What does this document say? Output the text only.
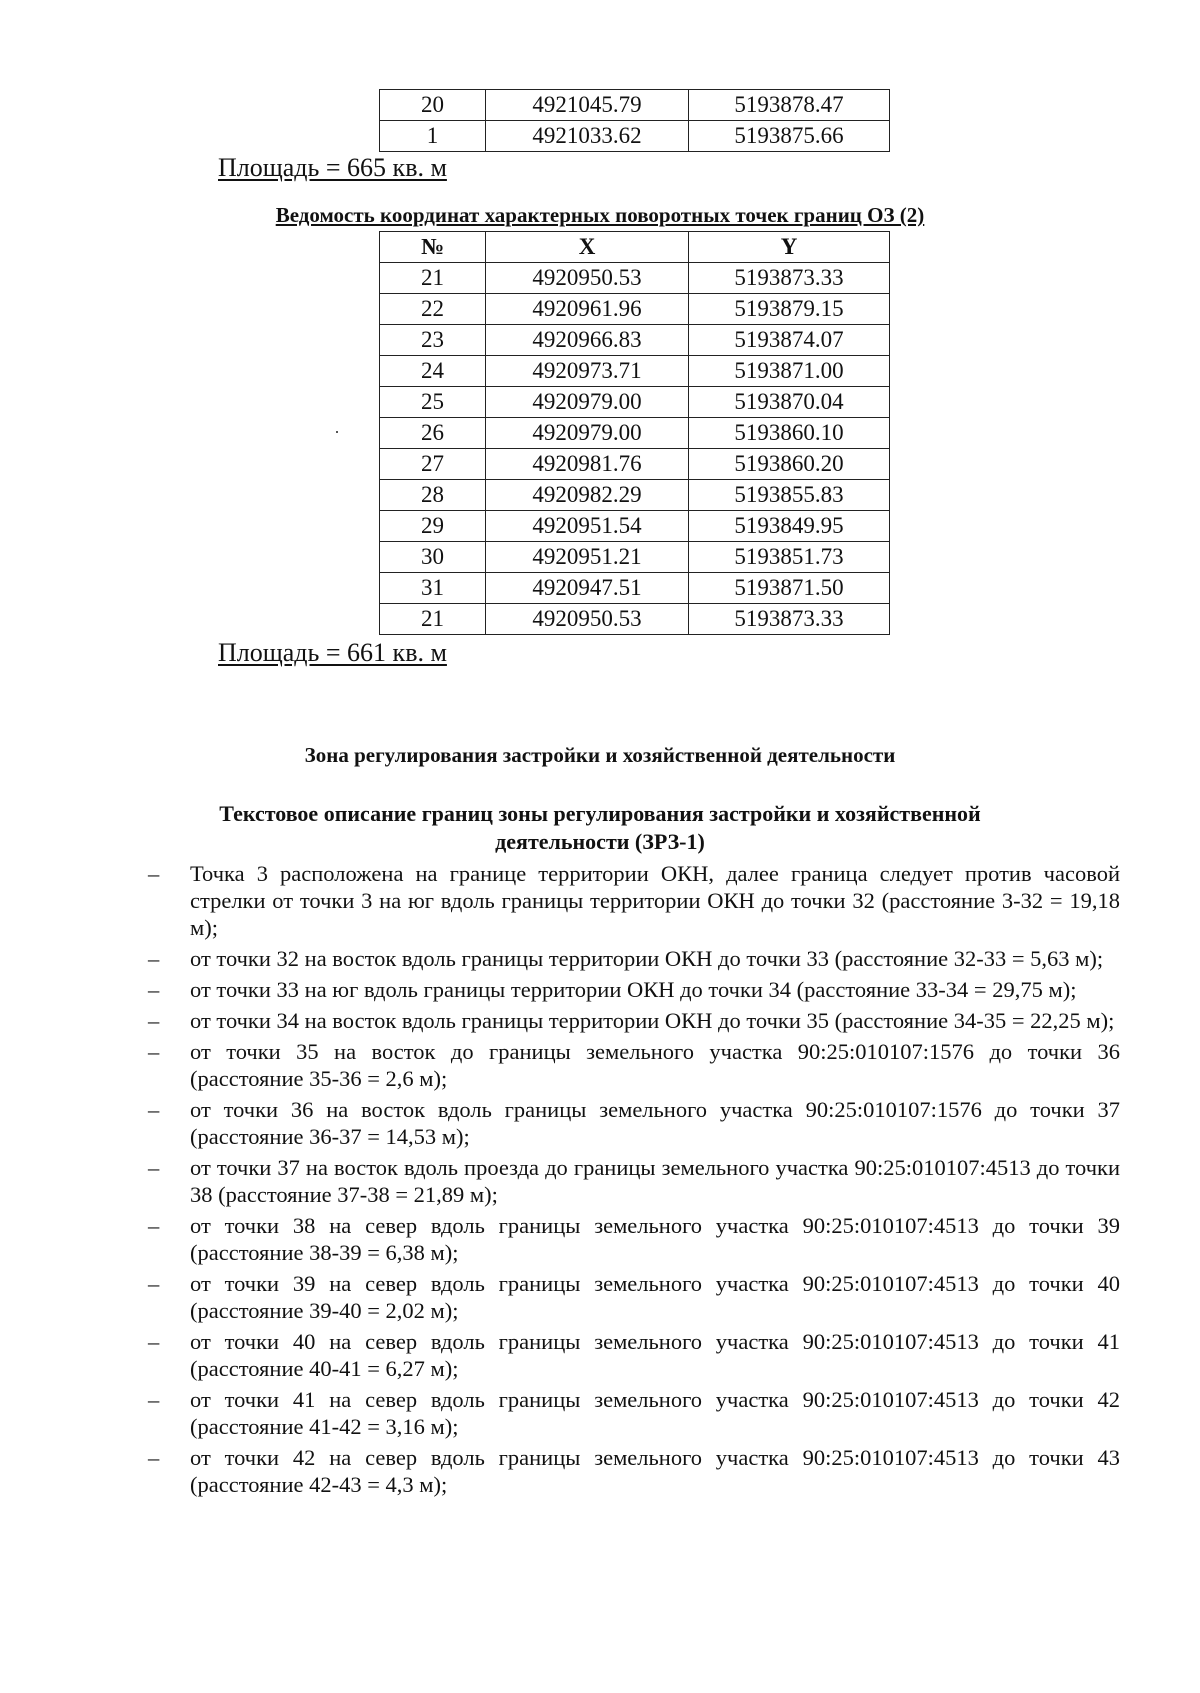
20	4921045.79	5193878.47
1	4921033.62	5193875.66
Площадь = 665 кв. м
Ведомость координат характерных поворотных точек границ ОЗ (2)
№	X	Y
21	4920950.53	5193873.33
22	4920961.96	5193879.15
23	4920966.83	5193874.07
24	4920973.71	5193871.00
25	4920979.00	5193870.04
26	4920979.00	5193860.10
27	4920981.76	5193860.20
28	4920982.29	5193855.83
29	4920951.54	5193849.95
30	4920951.21	5193851.73
31	4920947.51	5193871.50
21	4920950.53	5193873.33
Площадь = 661 кв. м
Зона регулирования застройки и хозяйственной деятельности
Текстовое описание границ зоны регулирования застройки и хозяйственной
деятельности (ЗРЗ-1)
– Точка 3 расположена на границе территории ОКН, далее граница следует против часовой стрелки от точки 3 на юг вдоль границы территории ОКН до точки 32 (расстояние 3-32 = 19,18 м);
– от точки 32 на восток вдоль границы территории ОКН до точки 33 (расстояние 32-33 = 5,63 м);
– от точки 33 на юг вдоль границы территории ОКН до точки 34 (расстояние 33-34 = 29,75 м);
– от точки 34 на восток вдоль границы территории ОКН до точки 35 (расстояние 34-35 = 22,25 м);
– от точки 35 на восток до границы земельного участка 90:25:010107:1576 до точки 36 (расстояние 35-36 = 2,6 м);
– от точки 36 на восток вдоль границы земельного участка 90:25:010107:1576 до точки 37 (расстояние 36-37 = 14,53 м);
– от точки 37 на восток вдоль проезда до границы земельного участка 90:25:010107:4513 до точки 38 (расстояние 37-38 = 21,89 м);
– от точки 38 на север вдоль границы земельного участка 90:25:010107:4513 до точки 39 (расстояние 38-39 = 6,38 м);
– от точки 39 на север вдоль границы земельного участка 90:25:010107:4513 до точки 40 (расстояние 39-40 = 2,02 м);
– от точки 40 на север вдоль границы земельного участка 90:25:010107:4513 до точки 41 (расстояние 40-41 = 6,27 м);
– от точки 41 на север вдоль границы земельного участка 90:25:010107:4513 до точки 42 (расстояние 41-42 = 3,16 м);
– от точки 42 на север вдоль границы земельного участка 90:25:010107:4513 до точки 43 (расстояние 42-43 = 4,3 м);
